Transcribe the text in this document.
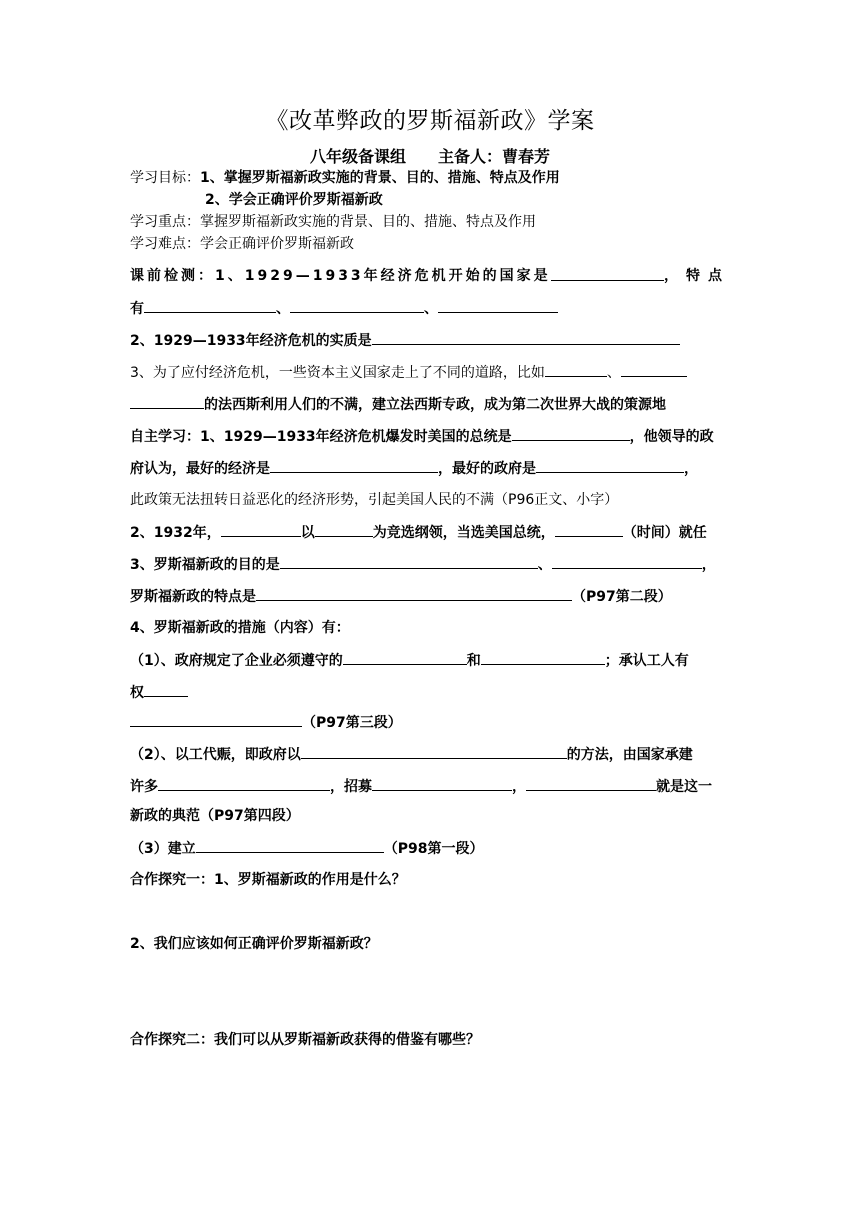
《改革弊政的罗斯福新政》学案
八年级备课组　　主备人：曹春芳
学习目标：1、掌握罗斯福新政实施的背景、目的、措施、特点及作用
2、学会正确评价罗斯福新政
学习重点：掌握罗斯福新政实施的背景、目的、措施、特点及作用
学习难点：学会正确评价罗斯福新政
课前检测：1、1929—1933年经济危机开始的国家是	，特点
有	、	、
2、1929—1933年经济危机的实质是
3、为了应付经济危机，一些资本主义国家走上了不同的道路，比如	、
的法西斯利用人们的不满，建立法西斯专政，成为第二次世界大战的策源地
自主学习：1、1929—1933年经济危机爆发时美国的总统是	，他领导的政
府认为，最好的经济是	，最好的政府是	，
此政策无法扭转日益恶化的经济形势，引起美国人民的不满（P96正文、小字）
2、1932年，	以	为竞选纲领，当选美国总统，	（时间）就任
3、罗斯福新政的目的是	、	，
罗斯福新政的特点是	（P97第二段）
4、罗斯福新政的措施（内容）有：
（1）、政府规定了企业必须遵守的	和	；承认工人有
权
（P97第三段）
（2）、以工代赈，即政府以	的方法，由国家承建
许多	，招募	，	就是这一
新政的典范（P97第四段）
（3）建立	（P98第一段）
合作探究一：1、罗斯福新政的作用是什么？
2、我们应该如何正确评价罗斯福新政？
合作探究二：我们可以从罗斯福新政获得的借鉴有哪些？
